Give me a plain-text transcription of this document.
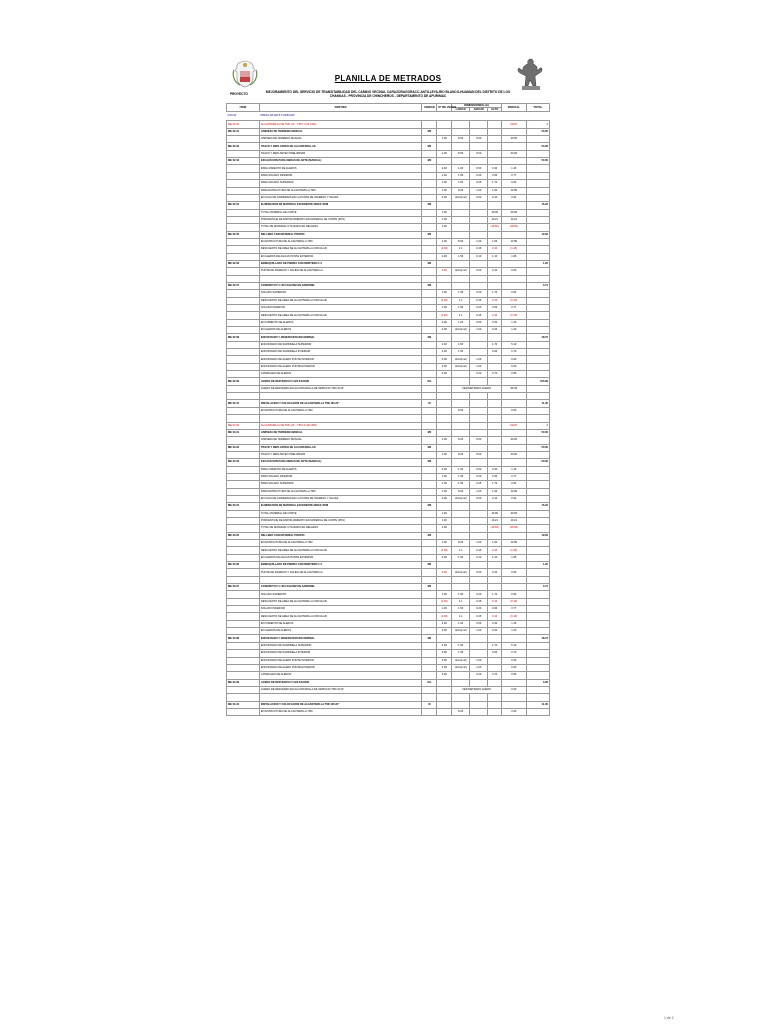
PLANILLA DE METRADOS
PROYECTO	MEJORAMIENTO DEL SERVICIO DE TRANSITABILIDAD DEL CAMINO VECINAL CARAZORAGORACC-ANTILLEYA-RIO BLANCO-HUAMAN DEL DISTRITO DE LOS CHANKAS - PROVINCIA DE CHINCHEROS - DEPARTAMENTO DE APURIMAC
ITEM	PARTIDA	UNIDAD	Nº DE VECES	DIMENSIONES (m)			PARCIAL	TOTAL
				LARGO	ANCHO	ALTO		
2.00.00	OBRAS DE ARTE Y DRENAJE							
ME 02.00	ALCANTARILLA DE TMC 24" - TIPO I (02 UND)						CANT.	2
ME 02.01	LIMPIEZA DE TERRENO MANUAL	M2						50.00
	LIMPIEZA DE TERRENO MANUAL		1.00	8.00	5.00		40.00	
ME 02.02	TRAZO Y REPLANTEO DE ALCANTARILLAS	M2						50.00
	TRAZO Y REPLANTEO PRELIMINAR		1.00	8.00	5.00		40.00	
ME 02.03	EXCAVACION PARA OBRAS DE ARTE (MANUAL)	M3						50.00
	PARA CIMIENTO DE ALEROS		4.00	1.00	0.50	0.30	1.16	
	PARA SOLADO INFERIOR		1.00	1.50	0.20	0.50	0.77	
	PARA SOLADO SUPERIOR		1.00	1.50	0.25	1.70	0.64	
	PARA ESTRUCTURA DE ALCANTARILLA TMC		1.00	8.00	1.00	1.60	12.80	
	EN CAJA DE CAIDERAZA EN LA PUNTE DE INGRESO Y SALIDA		4.00	Unico(m2)	0.00	0.10	0.92	
ME 02.04	ELIMINACION DE MATERIAL EXCEDENTE DMAX=5KM	M3						15.22
	TOTAL MATERIAL DE CORTE		1.00			40.96	40.96	
	PORCENTAJE DE ESPONJAMIENTO EN MATERIAL DE CORTE (25%)		1.00			10.21	10.21	
	TOTAL DE MATERIAL UTILIZADO EN RELLENO		1.00			(19.66)	(19.66)	
ME 02.05	RELLENO CON MATERIAL PROPIO	M3						19.62
	EN ESTRUCTURA DE ALCANTARILLA TMC		1.00	8.00	1.00	1.60	12.80	
	DESCUENTO DE AREA DE ALCANTARILLA CIRCULAR		(1.00)	1.1	0.46	0.10	(1.26)	
	EN ALEROS DE AGUAS PUNTE EXTERIOR		4.00	1.50	0.10	1.10	1.66	
ME 02.06	EMBOQUILLADO DE PIEDRA CON MORTERO 1:4	M2						1.20
	PUNTE DE INGRESO Y SALIDA DE ALCANTARILLA		4.00	Unico(m2)	0.00	0.10	0.60	

ME 02.07	CONCRETO F'c=210 KG/CM2 EN SARDINEL	M3						0.74
	SOLADO SUPERIOR		1.00	1.50	0.20	1.70	0.64	
	DESCUENTO DE AREA DE ALCANTARILLA CIRCULAR		(1.00)	1.1	0.46	0.10	(0.10)	
	SOLADO INFERIOR		1.00	1.50	0.20	0.60	0.77	
	DESCUENTO DE AREA DE ALCANTARILLA CIRCULAR		(1.00)	1.1	0.46	0.10	(0.10)	
	EN CIMIENTO DE ALEROS		4.00	1.00	0.50	0.30	1.16	
	EN ALEROS DE ALEROS		4.00	Unico(m2)	1.00	0.20	1.20	
ME 02.08	ENCOFRADO Y DESENCOFRADO NORMAL	M2						48.72
	ENCOFRADO DE SARDINELA SUPERIOR		2.00	1.50		1.70	5.10	
	ENCOFRADO DE SARDINELA INTERIOR		2.00	1.50		0.60	0.70	
	ENCOFRADO DE ALERO PUNTE INTERIOR		4.00	Unico(m2)	1.00		6.00	
	ENCOFRADO DE ALERO PUNTE EXTERIOR		4.00	Unico(m2)	1.00		6.00	
	LATERALES DE ALEROS		4.00		0.20	0.70	0.56	
ME 02.09	ACERO DE REFUERZO F'c420 KG/CM2	KG						105.99
	ACERO DE REFUERZO EN ALCANTARILLA DE SERVICIO TMC Ø 24"			VER METRADO ACERO			99.49	

ME 02.10	INSTALACION Y COLOCACION DE ALCANTARILLA TMC Ø0.24"	M						11.00
	EN ESTRUCTURA DE ALCANTARILLA TMC			8.00			0.00	

ME 03.00	ALCANTARILLA DE TMC 24" - TIPO II (02 UND)						CANT.	2
ME 03.01	LIMPIEZA DE TERRENO MANUAL	M2						50.00
	LIMPIEZA DE TERRENO MANUAL		1.00	8.00	5.00		40.00	
ME 03.02	TRAZO Y REPLANTEO DE ALCANTARILLAS	M2						50.00
	TRAZO Y REPLANTEO PRELIMINAR		1.00	8.00	5.00		40.00	
ME 03.03	EXCAVACION PARA OBRAS DE ARTE (MANUAL)	M3						50.00
	PARA CIMIENTO DE ALEROS		4.00	1.00	0.50	0.30	1.16	
	PARA SOLADO INFERIOR		1.00	1.50	0.20	0.50	0.77	
	PARA SOLADO SUPERIOR		1.00	1.50	0.25	1.70	0.64	
	PARA ESTRUCTURA DE ALCANTARILLA TMC		1.00	8.00	1.00	1.60	12.80	
	EN CAJA DE CAIDERAZA EN LA PUNTE DE INGRESO Y SALIDA		4.00	Unico(m2)	0.00	0.10	0.92	
ME 03.04	ELIMINACION DE MATERIAL EXCEDENTE DMAX=5KM	M3						15.22
	TOTAL MATERIAL DE CORTE		1.00			40.96	40.96	
	PORCENTAJE DE ESPONJAMIENTO EN MATERIAL DE CORTE (25%)		1.00			10.21	10.21	
	TOTAL DE MATERIAL UTILIZADO EN RELLENO		1.00			(19.66)	(19.66)	
ME 03.05	RELLENO CON MATERIAL PROPIO	M3						19.62
	EN ESTRUCTURA DE ALCANTARILLA TMC		1.00	8.00	1.00	1.60	12.80	
	DESCUENTO DE AREA DE ALCANTARILLA CIRCULAR		(1.00)	1.1	0.46	0.10	(1.26)	
	EN ALEROS DE AGUAS PUNTE EXTERIOR		4.00	1.50	0.10	1.10	1.66	
ME 03.06	EMBOQUILLADO DE PIEDRA CON MORTERO 1:4	M2						1.20
	PUNTE DE INGRESO Y SALIDA DE ALCANTARILLA		4.00	Unico(m2)	0.00	0.10	0.60	

ME 03.07	CONCRETO F'c=210 KG/CM2 EN SARDINEL	M3						0.74
	SOLADO SUPERIOR		1.00	1.50	0.20	1.70	0.64	
	DESCUENTO DE AREA DE ALCANTARILLA CIRCULAR		(1.00)	1.1	0.46	0.10	(0.10)	
	SOLADO INFERIOR		1.00	1.50	0.20	0.60	0.77	
	DESCUENTO DE AREA DE ALCANTARILLA CIRCULAR		(1.00)	1.1	0.46	0.10	(0.10)	
	EN CIMIENTO DE ALEROS		4.00	1.00	0.50	0.30	1.16	
	EN ALEROS DE ALEROS		4.00	Unico(m2)	1.00	0.20	1.20	
ME 03.08	ENCOFRADO Y DESENCOFRADO NORMAL	M2						48.72
	ENCOFRADO DE SARDINELA SUPERIOR		2.00	1.50		1.70	5.10	
	ENCOFRADO DE SARDINELA INTERIOR		2.00	1.50		0.60	0.70	
	ENCOFRADO DE ALERO PUNTE INTERIOR		4.00	Unico(m2)	1.00		6.00	
	ENCOFRADO DE ALERO PUNTE EXTERIOR		4.00	Unico(m2)	1.00		6.00	
	LATERALES DE ALEROS		4.00		0.20	0.70	0.56	
ME 03.09	ACERO DE REFUERZO F'c420 KG/CM2	KG						0.00
	ACERO DE REFUERZO EN ALCANTARILLA DE SERVICIO TMC Ø 24"			VER METRADO ACERO			0.00	

ME 03.10	INSTALACION Y COLOCACION DE ALCANTARILLA TMC Ø0.24"	M						11.00
	EN ESTRUCTURA DE ALCANTARILLA TMC			8.00			0.00	
1 de 2
